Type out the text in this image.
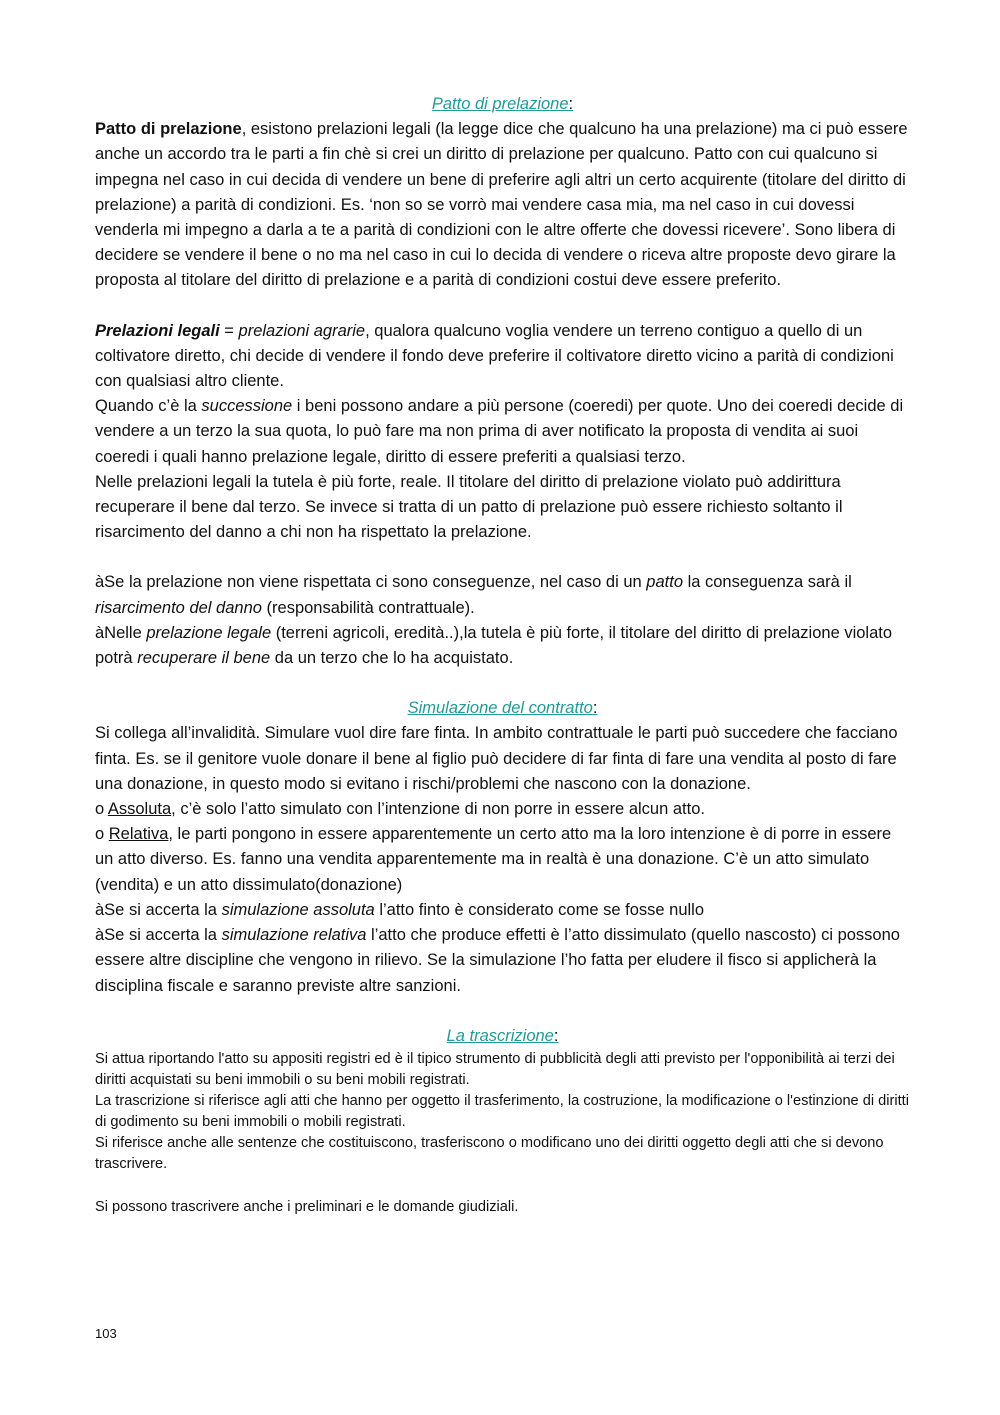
Patto di prelazione:

Patto di prelazione, esistono prelazioni legali (la legge dice che qualcuno ha una prelazione) ma ci può essere anche un accordo tra le parti a fin chè si crei un diritto di prelazione per qualcuno. Patto con cui qualcuno si impegna nel caso in cui decida di vendere un bene di preferire agli altri un certo acquirente (titolare del diritto di prelazione) a parità di condizioni. Es. ‘non so se vorrò mai vendere casa mia, ma nel caso in cui dovessi venderla mi impegno a darla a te a parità di condizioni con le altre offerte che dovessi ricevere’. Sono libera di decidere se vendere il bene o no ma nel caso in cui lo decida di vendere o riceva altre proposte devo girare la proposta al titolare del diritto di prelazione e a parità di condizioni costui deve essere preferito.

Prelazioni legali = prelazioni agrarie, qualora qualcuno voglia vendere un terreno contiguo a quello di un coltivatore diretto, chi decide di vendere il fondo deve preferire il coltivatore diretto vicino a parità di condizioni con qualsiasi altro cliente.

Quando c’è la successione i beni possono andare a più persone (coeredi) per quote. Uno dei coeredi decide di vendere a un terzo la sua quota, lo può fare ma non prima di aver notificato la proposta di vendita ai suoi coeredi i quali hanno prelazione legale, diritto di essere preferiti a qualsiasi terzo.

Nelle prelazioni legali la tutela è più forte, reale. Il titolare del diritto di prelazione violato può addirittura recuperare il bene dal terzo. Se invece si tratta di un patto di prelazione può essere richiesto soltanto il risarcimento del danno a chi non ha rispettato la prelazione.

àSe la prelazione non viene rispettata ci sono conseguenze, nel caso di un patto la conseguenza sarà il risarcimento del danno (responsabilità contrattuale).

àNelle prelazione legale (terreni agricoli, eredità..),la tutela è più forte, il titolare del diritto di prelazione violato potrà recuperare il bene da un terzo che lo ha acquistato.

Simulazione del contratto:

Si collega all’invalidità. Simulare vuol dire fare finta. In ambito contrattuale le parti può succedere che facciano finta. Es. se il genitore vuole donare il bene al figlio può decidere di far finta di fare una vendita al posto di fare una donazione, in questo modo si evitano i rischi/problemi che nascono con la donazione.

o Assoluta, c’è solo l’atto simulato con l’intenzione di non porre in essere alcun atto.

o Relativa, le parti pongono in essere apparentemente un certo atto ma la loro intenzione è di porre in essere un atto diverso. Es. fanno una vendita apparentemente ma in realtà è una donazione. C’è un atto simulato (vendita) e un atto dissimulato(donazione)

àSe si accerta la simulazione assoluta l’atto finto è considerato come se fosse nullo

àSe si accerta la simulazione relativa l’atto che produce effetti è l’atto dissimulato (quello nascosto) ci possono essere altre discipline che vengono in rilievo. Se la simulazione l’ho fatta per eludere il fisco si applicherà la disciplina fiscale e saranno previste altre sanzioni.

La trascrizione:

Si attua riportando l'atto su appositi registri ed è il tipico strumento di pubblicità degli atti previsto per l'opponibilità ai terzi dei diritti acquistati su beni immobili o su beni mobili registrati.

La trascrizione si riferisce agli atti che hanno per oggetto il trasferimento, la costruzione, la modificazione o l'estinzione di diritti di godimento su beni immobili o mobili registrati.

Si riferisce anche alle sentenze che costituiscono, trasferiscono o modificano uno dei diritti oggetto degli atti che si devono trascrivere.

Si possono trascrivere anche i preliminari e le domande giudiziali.

103
